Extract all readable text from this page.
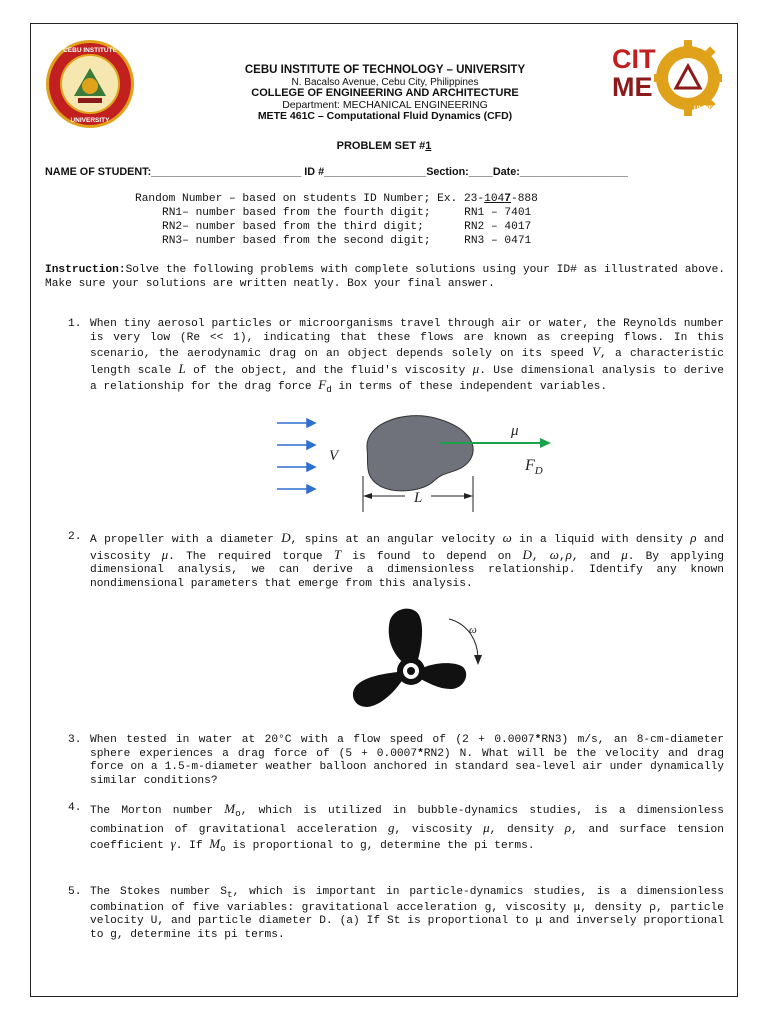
CEBU INSTITUTE
UNIVERSITY
CIT
ME
UNIVERSITY
CEBU INSTITUTE OF TECHNOLOGY – UNIVERSITY
N. Bacalso Avenue, Cebu City, Philippines
COLLEGE OF ENGINEERING AND ARCHITECTURE
Department: MECHANICAL ENGINEERING
METE 461C – Computational Fluid Dynamics (CFD)
PROBLEM SET #1
NAME OF STUDENT:_________________________ ID #_________________Section:____Date:__________________
Random Number – based on students ID Number; Ex. 23-1047-888
RN1– number based from the fourth digit;     RN1 – 7401
RN2– number based from the third digit;      RN2 – 4017
RN3– number based from the second digit;     RN3 – 0471
Instruction:Solve the following problems with complete solutions using your ID# as illustrated above. Make sure your solutions are written neatly. Box your final answer.
1. When tiny aerosol particles or microorganisms travel through air or water, the Reynolds number is very low (Re << 1), indicating that these flows are known as creeping flows. In this scenario, the aerodynamic drag on an object depends solely on its speed V, a characteristic length scale L of the object, and the fluid's viscosity μ. Use dimensional analysis to derive a relationship for the drag force $F_d$ in terms of these independent variables.
V
μ
$F_D$
L
2. A propeller with a diameter D, spins at an angular velocity ω in a liquid with density ρ and viscosity μ. The required torque T is found to depend on D, ω,ρ, and μ. By applying dimensional analysis, we can derive a dimensionless relationship. Identify any known nondimensional parameters that emerge from this analysis.
ω
3. When tested in water at 20°C with a flow speed of (2 + 0.0007*RN3) m/s, an 8-cm-diameter sphere experiences a drag force of (5 + 0.0007*RN2) N. What will be the velocity and drag force on a 1.5-m-diameter weather balloon anchored in standard sea-level air under dynamically similar conditions?
4. The Morton number $M_o$, which is utilized in bubble-dynamics studies, is a dimensionless combination of gravitational acceleration g, viscosity μ, density ρ, and surface tension coefficient γ. If $M_o$ is proportional to g, determine the pi terms.
5. The Stokes number $S_t$, which is important in particle-dynamics studies, is a dimensionless combination of five variables: gravitational acceleration g, viscosity μ, density ρ, particle velocity U, and particle diameter D. (a) If St is proportional to μ and inversely proportional to g, determine its pi terms.
